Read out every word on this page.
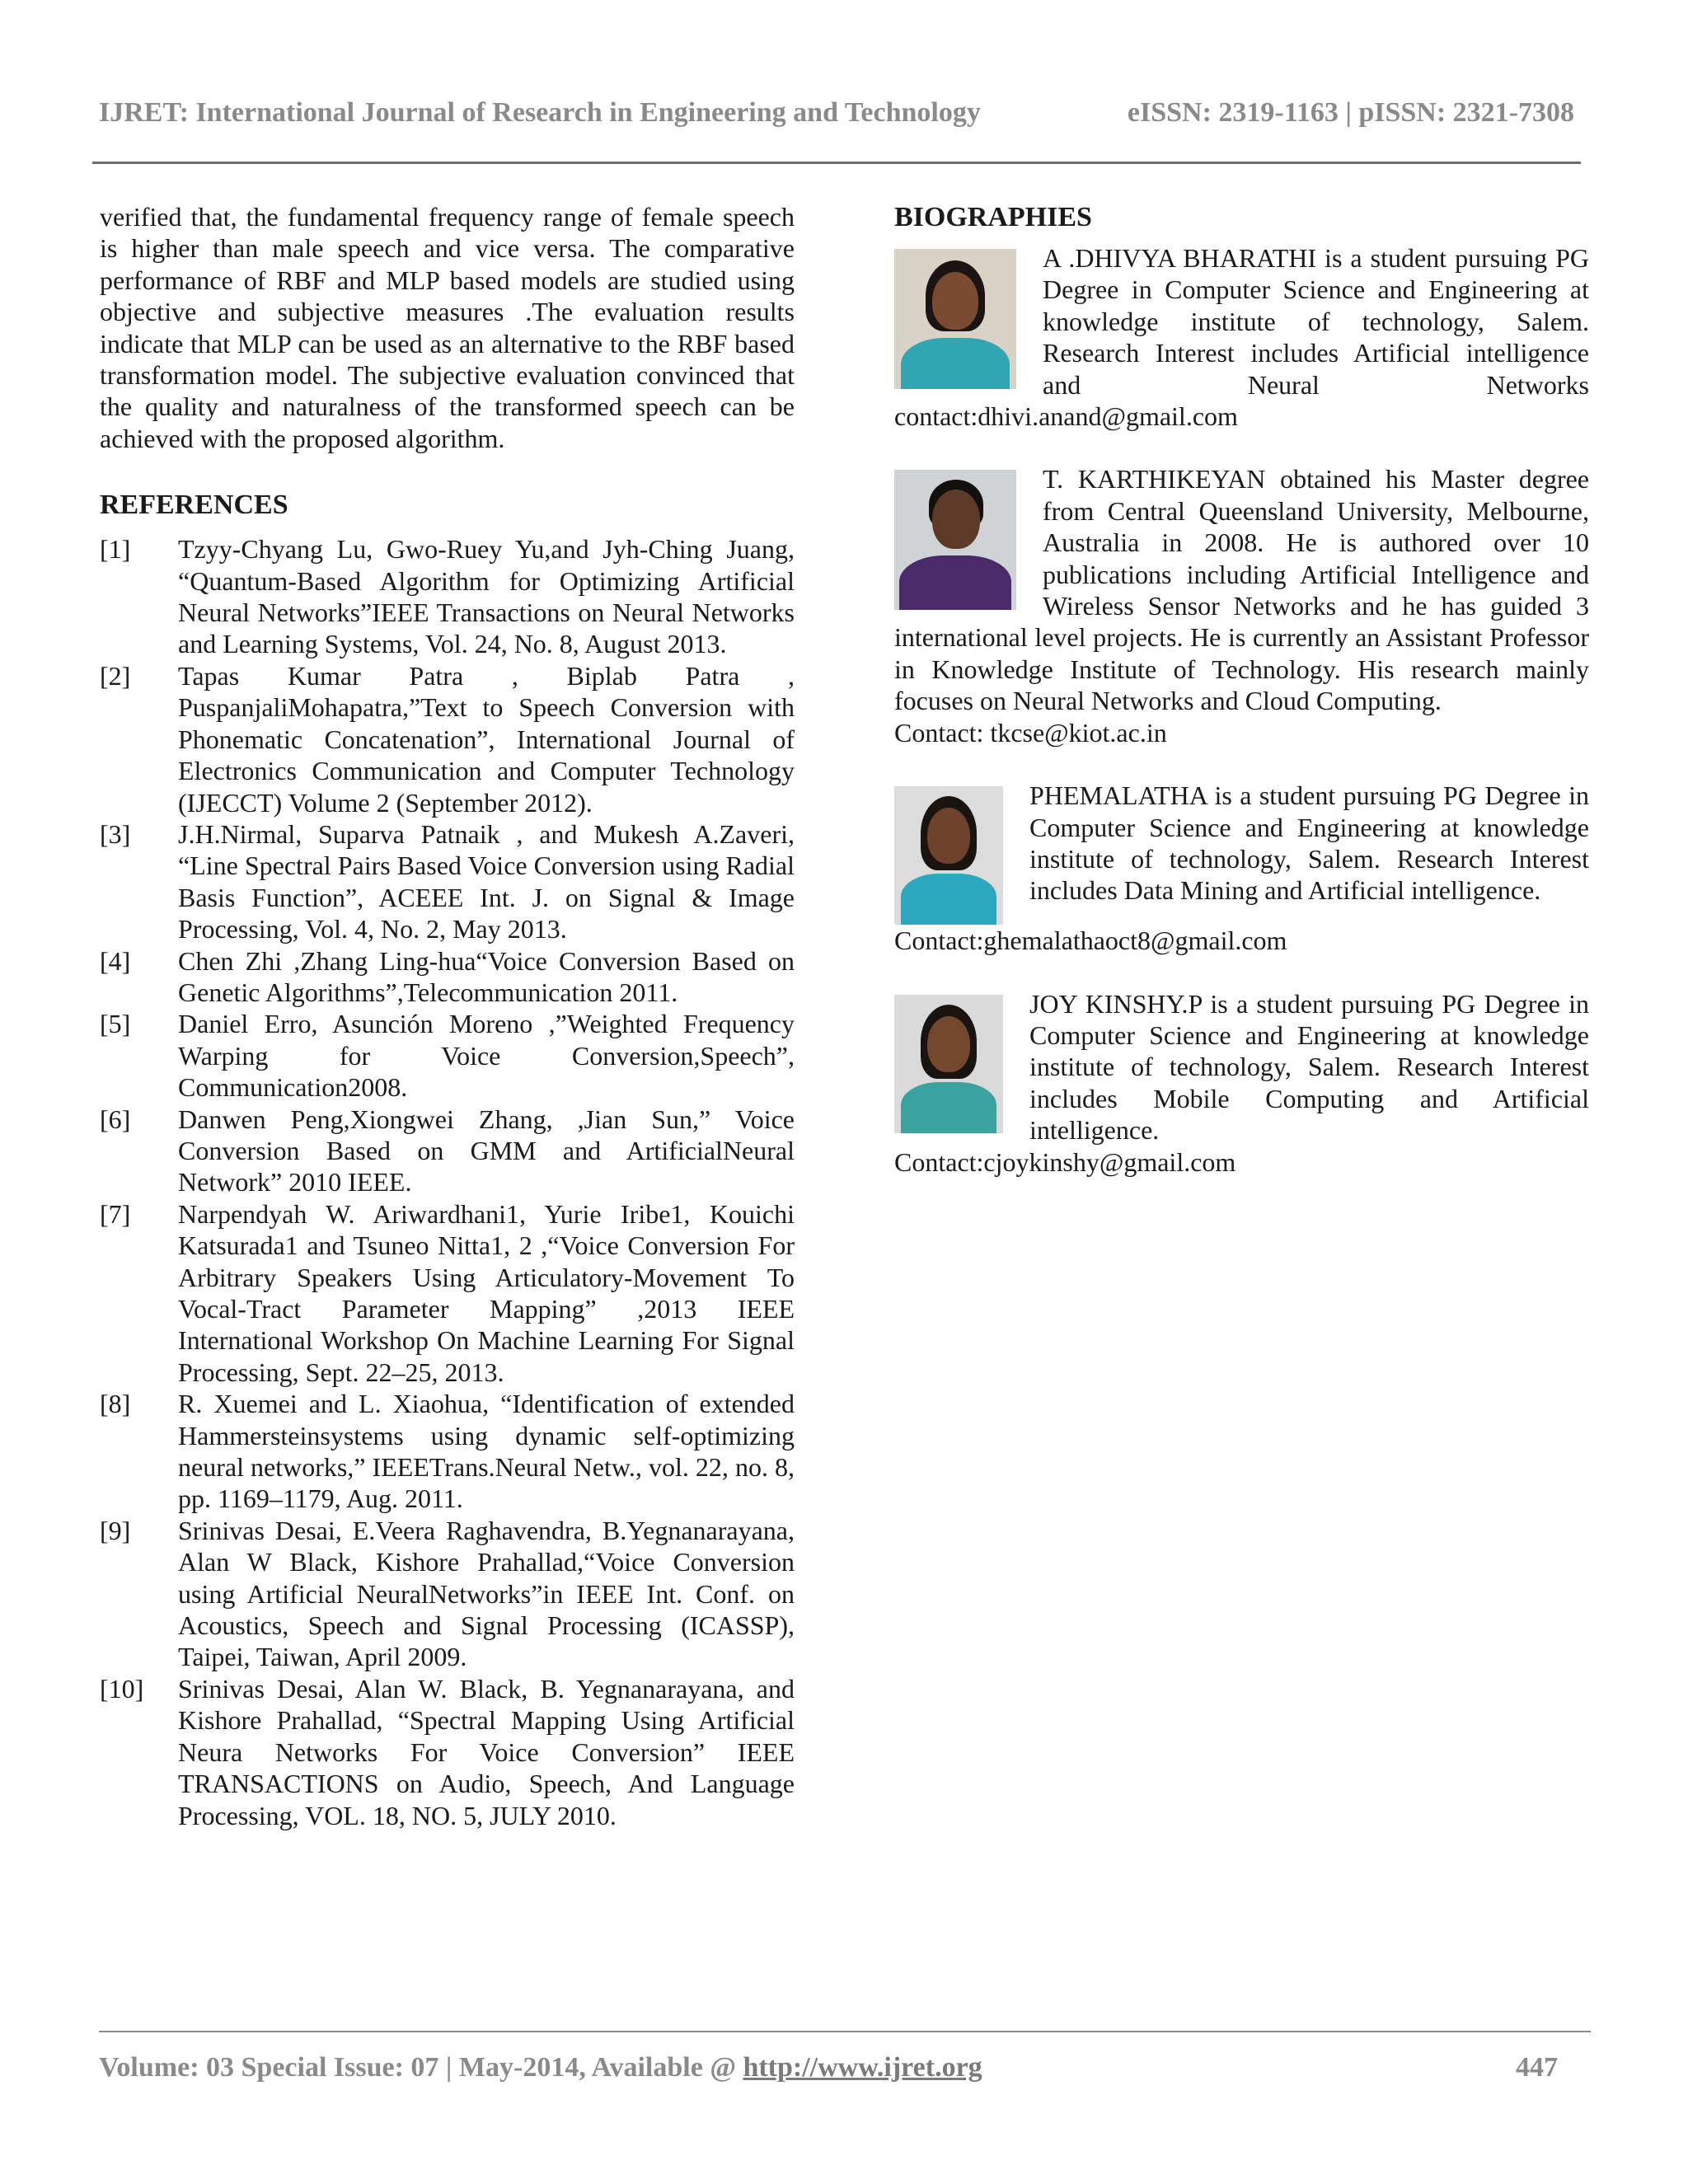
IJRET: International Journal of Research in Engineering and Technology	eISSN: 2319-1163 | pISSN: 2321-7308

verified that, the fundamental frequency range of female speech is higher than male speech and vice versa. The comparative performance of RBF and MLP based models are studied using objective and subjective measures .The evaluation results indicate that MLP can be used as an alternative to the RBF based transformation model. The subjective evaluation convinced that the quality and naturalness of the transformed speech can be achieved with the proposed algorithm.

REFERENCES
[1] Tzyy-Chyang Lu, Gwo-Ruey Yu,and Jyh-Ching Juang, “Quantum-Based Algorithm for Optimizing Artificial Neural Networks”IEEE Transactions on Neural Networks and Learning Systems, Vol. 24, No. 8, August 2013.
[2] Tapas Kumar Patra , Biplab Patra , PuspanjaliMohapatra,”Text to Speech Conversion with Phonematic Concatenation”, International Journal of Electronics Communication and Computer Technology (IJECCT) Volume 2 (September 2012).
[3] J.H.Nirmal, Suparva Patnaik , and Mukesh A.Zaveri, “Line Spectral Pairs Based Voice Conversion using Radial Basis Function”, ACEEE Int. J. on Signal & Image Processing, Vol. 4, No. 2, May 2013.
[4] Chen Zhi ,Zhang Ling-hua“Voice Conversion Based on Genetic Algorithms”,Telecommunication 2011.
[5] Daniel Erro, Asunción Moreno ,”Weighted Frequency Warping for Voice Conversion,Speech”, Communication2008.
[6] Danwen Peng,Xiongwei Zhang, ,Jian Sun,” Voice Conversion Based on GMM and ArtificialNeural Network” 2010 IEEE.
[7] Narpendyah W. Ariwardhani1, Yurie Iribe1, Kouichi Katsurada1 and Tsuneo Nitta1, 2 ,“Voice Conversion For Arbitrary Speakers Using Articulatory-Movement To Vocal-Tract Parameter Mapping” ,2013 IEEE International Workshop On Machine Learning For Signal Processing, Sept. 22–25, 2013.
[8] R. Xuemei and L. Xiaohua, “Identification of extended Hammersteinsystems using dynamic self-optimizing neural networks,” IEEETrans.Neural Netw., vol. 22, no. 8, pp. 1169–1179, Aug. 2011.
[9] Srinivas Desai, E.Veera Raghavendra, B.Yegnanarayana, Alan W Black, Kishore Prahallad,“Voice Conversion using Artificial NeuralNetworks”in IEEE Int. Conf. on Acoustics, Speech and Signal Processing (ICASSP), Taipei, Taiwan, April 2009.
[10] Srinivas Desai, Alan W. Black, B. Yegnanarayana, and Kishore Prahallad, “Spectral Mapping Using Artificial Neura Networks For Voice Conversion” IEEE TRANSACTIONS on Audio, Speech, And Language Processing, VOL. 18, NO. 5, JULY 2010.
BIOGRAPHIES
A .DHIVYA BHARATHI is a student pursuing PG Degree in Computer Science and Engineering at knowledge institute of technology, Salem. Research Interest includes Artificial intelligence and Neural Networks contact:dhivi.anand@gmail.com
T. KARTHIKEYAN obtained his Master degree from Central Queensland University, Melbourne, Australia in 2008. He is authored over 10 publications including Artificial Intelligence and Wireless Sensor Networks and he has guided 3 international level projects. He is currently an Assistant Professor in Knowledge Institute of Technology. His research mainly focuses on Neural Networks and Cloud Computing.
Contact: tkcse@kiot.ac.in
PHEMALATHA is a student pursuing PG Degree in Computer Science and Engineering at knowledge institute of technology, Salem. Research Interest includes Data Mining and Artificial intelligence.
Contact:ghemalathaoct8@gmail.com
JOY KINSHY.P is a student pursuing PG Degree in Computer Science and Engineering at knowledge institute of technology, Salem. Research Interest includes Mobile Computing and Artificial intelligence.
Contact:cjoykinshy@gmail.com
Volume: 03 Special Issue: 07 | May-2014, Available @ http://www.ijret.org	447
